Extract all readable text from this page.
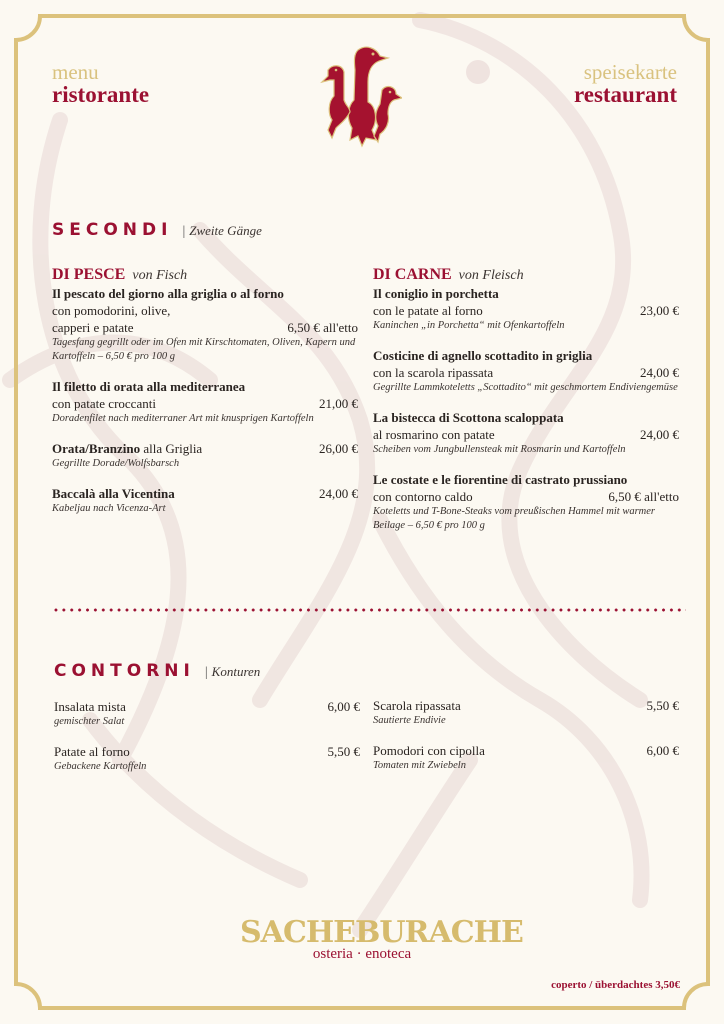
menu
ristorante
speisekarte
restaurant
SECONDI | Zweite Gänge
DI PESCE von Fisch
Il pescato del giorno alla griglia o al forno
con pomodorini, olive,
capperi e patate	6,50 € all'etto
Tagesfang gegrillt oder im Ofen mit Kirschtomaten, Oliven, Kapern und Kartoffeln – 6,50 € pro 100 g
Il filetto di orata alla mediterranea
con patate croccanti	21,00 €
Doradenfilet nach mediterraner Art mit knusprigen Kartoffeln
Orata/Branzino alla Griglia	26,00 €
Gegrillte Dorade/Wolfsbarsch
Baccalà alla Vicentina	24,00 €
Kabeljau nach Vicenza-Art
DI CARNE von Fleisch
Il coniglio in porchetta
con le patate al forno	23,00 €
Kaninchen „in Porchetta“ mit Ofenkartoffeln
Costicine di agnello scottadito in griglia
con la scarola ripassata	24,00 €
Gegrillte Lammkoteletts „Scottadito“ mit geschmortem Endiviengemüse
La bistecca di Scottona scaloppata
al rosmarino con patate	24,00 €
Scheiben vom Jungbullensteak mit Rosmarin und Kartoffeln
Le costate e le fiorentine di castrato prussiano
con contorno caldo	6,50 € all'etto
Koteletts und T-Bone-Steaks vom preußischen Hammel mit warmer Beilage – 6,50 € pro 100 g
CONTORNI | Konturen
Insalata mista	6,00 €
gemischter Salat
Patate al forno	5,50 €
Gebackene Kartoffeln
Scarola ripassata	5,50 €
Sautierte Endivie
Pomodori con cipolla	6,00 €
Tomaten mit Zwiebeln
SACHEBURACHE
osteria · enoteca
coperto / überdachtes 3,50€
